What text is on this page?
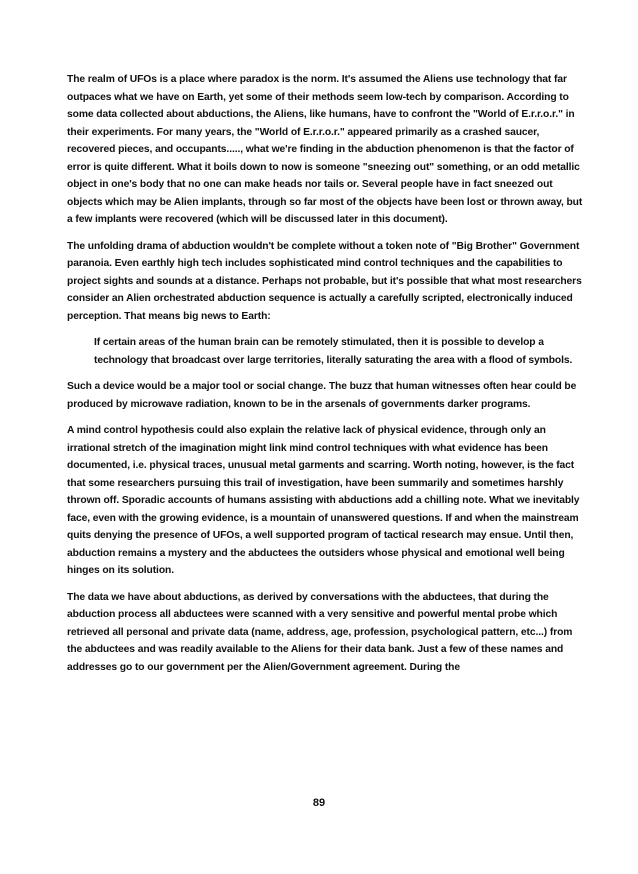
The realm of UFOs is a place where paradox is the norm. It's assumed the Aliens use technology that far outpaces what we have on Earth, yet some of their methods seem low-tech by comparison. According to some data collected about abductions, the Aliens, like humans, have to confront the "World of E.r.r.o.r." in their experiments. For many years, the "World of E.r.r.o.r." appeared primarily as a crashed saucer, recovered pieces, and occupants....., what we're finding in the abduction phenomenon is that the factor of error is quite different. What it boils down to now is someone "sneezing out" something, or an odd metallic object in one's body that no one can make heads nor tails or. Several people have in fact sneezed out objects which may be Alien implants, through so far most of the objects have been lost or thrown away, but a few implants were recovered (which will be discussed later in this document).

The unfolding drama of abduction wouldn't be complete without a token note of "Big Brother" Government paranoia. Even earthly high tech includes sophisticated mind control techniques and the capabilities to project sights and sounds at a distance. Perhaps not probable, but it's possible that what most researchers consider an Alien orchestrated abduction sequence is actually a carefully scripted, electronically induced perception. That means big news to Earth:

If certain areas of the human brain can be remotely stimulated, then it is possible to develop a technology that broadcast over large territories, literally saturating the area with a flood of symbols.

Such a device would be a major tool or social change. The buzz that human witnesses often hear could be produced by microwave radiation, known to be in the arsenals of governments darker programs.

A mind control hypothesis could also explain the relative lack of physical evidence, through only an irrational stretch of the imagination might link mind control techniques with what evidence has been documented, i.e. physical traces, unusual metal garments and scarring. Worth noting, however, is the fact that some researchers pursuing this trail of investigation, have been summarily and sometimes harshly thrown off. Sporadic accounts of humans assisting with abductions add a chilling note. What we inevitably face, even with the growing evidence, is a mountain of unanswered questions. If and when the mainstream quits denying the presence of UFOs, a well supported program of tactical research may ensue. Until then, abduction remains a mystery and the abductees the outsiders whose physical and emotional well being hinges on its solution.

The data we have about abductions, as derived by conversations with the abductees, that during the abduction process all abductees were scanned with a very sensitive and powerful mental probe which retrieved all personal and private data (name, address, age, profession, psychological pattern, etc...) from the abductees and was readily available to the Aliens for their data bank. Just a few of these names and addresses go to our government per the Alien/Government agreement. During the

89
